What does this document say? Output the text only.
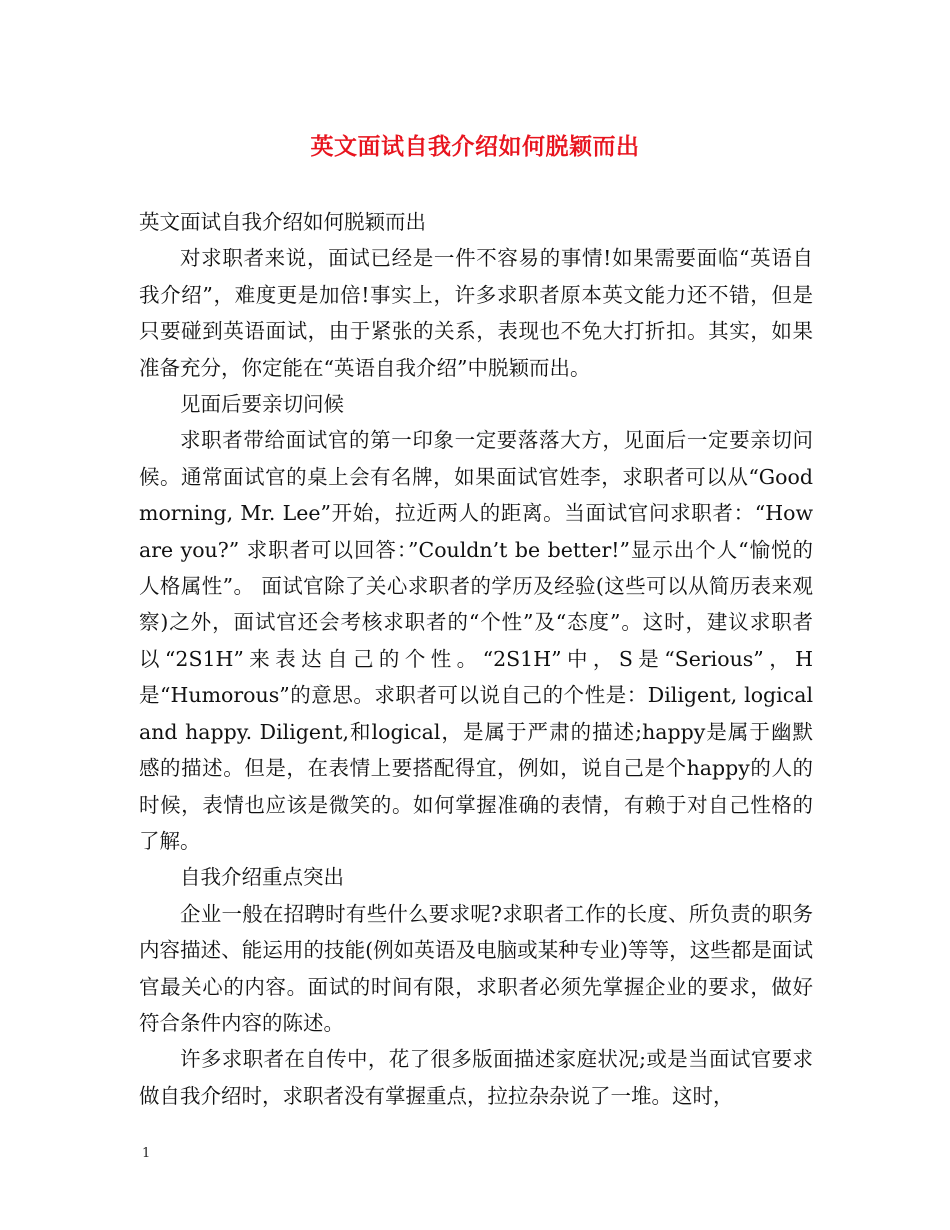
英文面试自我介绍如何脱颖而出

英文面试自我介绍如何脱颖而出

对求职者来说，面试已经是一件不容易的事情!如果需要面临“英语自我介绍”，难度更是加倍!事实上，许多求职者原本英文能力还不错，但是只要碰到英语面试，由于紧张的关系，表现也不免大打折扣。其实，如果准备充分，你定能在“英语自我介绍”中脱颖而出。

见面后要亲切问候

求职者带给面试官的第一印象一定要落落大方，见面后一定要亲切问候。通常面试官的桌上会有名牌，如果面试官姓李，求职者可以从“Good morning, Mr. Lee”开始，拉近两人的距离。当面试官问求职者：“How are you?” 求职者可以回答：”Couldn’t be better!”显示出个人“愉悦的人格属性”。 面试官除了关心求职者的学历及经验(这些可以从简历表来观察)之外，面试官还会考核求职者的“个性”及“态度”。这时，建议求职者以“2S1H”来表达自己的个性。“2S1H”中，S是“Serious”，H是“Humorous”的意思。求职者可以说自己的个性是：Diligent, logical and happy. Diligent,和logical，是属于严肃的描述;happy是属于幽默感的描述。但是，在表情上要搭配得宜，例如，说自己是个happy的人的时候，表情也应该是微笑的。如何掌握准确的表情，有赖于对自己性格的了解。

自我介绍重点突出

企业一般在招聘时有些什么要求呢?求职者工作的长度、所负责的职务内容描述、能运用的技能(例如英语及电脑或某种专业)等等，这些都是面试官最关心的内容。面试的时间有限，求职者必须先掌握企业的要求，做好符合条件内容的陈述。

许多求职者在自传中，花了很多版面描述家庭状况;或是当面试官要求做自我介绍时，求职者没有掌握重点，拉拉杂杂说了一堆。这时，

1
